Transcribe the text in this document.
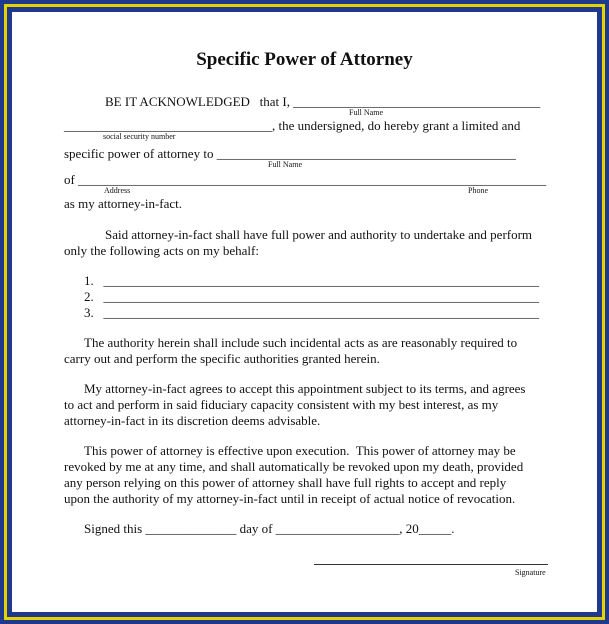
Specific Power of Attorney
BE IT ACKNOWLEDGED   that I, ______________________________________
Full Name
________________________________, the undersigned, do hereby grant a limited and
social security number
specific power of attorney to ______________________________________________
Full Name
of ________________________________________________________________________
Address	Phone
as my attorney-in-fact.
Said attorney-in-fact shall have full power and authority to undertake and perform
only the following acts on my behalf:
1.   ___________________________________________________________________
2.   ___________________________________________________________________
3.   ___________________________________________________________________
The authority herein shall include such incidental acts as are reasonably required to
carry out and perform the specific authorities granted herein.
My attorney-in-fact agrees to accept this appointment subject to its terms, and agrees
to act and perform in said fiduciary capacity consistent with my best interest, as my
attorney-in-fact in its discretion deems advisable.
This power of attorney is effective upon execution.  This power of attorney may be
revoked by me at any time, and shall automatically be revoked upon my death, provided
any person relying on this power of attorney shall have full rights to accept and reply
upon the authority of my attorney-in-fact until in receipt of actual notice of revocation.
Signed this ______________ day of ___________________, 20_____.
Signature
